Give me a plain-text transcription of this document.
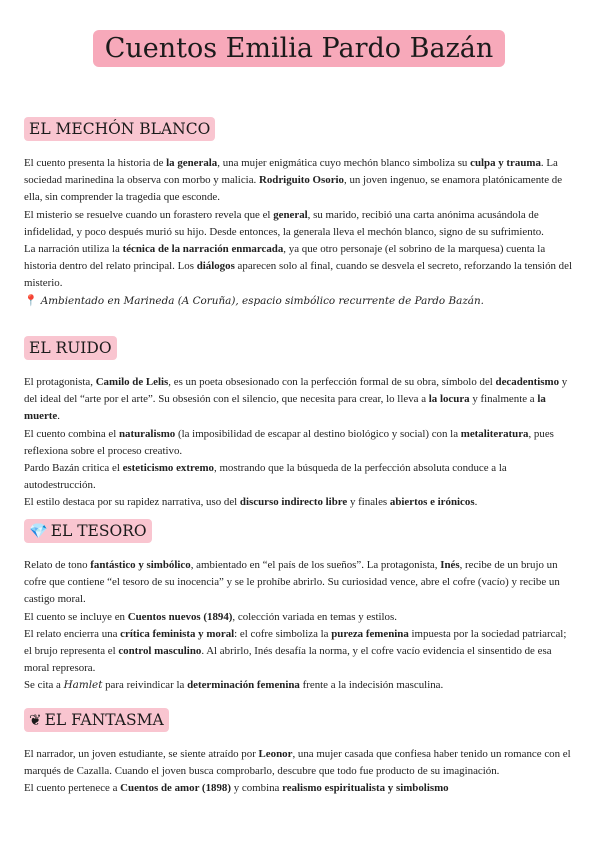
Cuentos Emilia Pardo Bazán
EL MECHÓN BLANCO

El cuento presenta la historia de la generala, una mujer enigmática cuyo mechón blanco simboliza su culpa y trauma. La sociedad marinedina la observa con morbo y malicia. Rodriguito Osorio, un joven ingenuo, se enamora platónicamente de ella, sin comprender la tragedia que esconde.

El misterio se resuelve cuando un forastero revela que el general, su marido, recibió una carta anónima acusándola de infidelidad, y poco después murió su hijo. Desde entonces, la generala lleva el mechón blanco, signo de su sufrimiento.

La narración utiliza la técnica de la narración enmarcada, ya que otro personaje (el sobrino de la marquesa) cuenta la historia dentro del relato principal. Los diálogos aparecen solo al final, cuando se desvela el secreto, reforzando la tensión del misterio.

📍 Ambientado en Marineda (A Coruña), espacio simbólico recurrente de Pardo Bazán.

EL RUIDO

El protagonista, Camilo de Lelis, es un poeta obsesionado con la perfección formal de su obra, símbolo del decadentismo y del ideal del “arte por el arte”. Su obsesión con el silencio, que necesita para crear, lo lleva a la locura y finalmente a la muerte.

El cuento combina el naturalismo (la imposibilidad de escapar al destino biológico y social) con la metaliteratura, pues reflexiona sobre el proceso creativo.

Pardo Bazán critica el esteticismo extremo, mostrando que la búsqueda de la perfección absoluta conduce a la autodestrucción.

El estilo destaca por su rapidez narrativa, uso del discurso indirecto libre y finales abiertos e irónicos.

💎 EL TESORO

Relato de tono fantástico y simbólico, ambientado en “el país de los sueños”. La protagonista, Inés, recibe de un brujo un cofre que contiene “el tesoro de su inocencia” y se le prohíbe abrirlo. Su curiosidad vence, abre el cofre (vacío) y recibe un castigo moral.

El cuento se incluye en Cuentos nuevos (1894), colección variada en temas y estilos.

El relato encierra una crítica feminista y moral: el cofre simboliza la pureza femenina impuesta por la sociedad patriarcal; el brujo representa el control masculino. Al abrirlo, Inés desafía la norma, y el cofre vacío evidencia el sinsentido de esa moral represora.

Se cita a Hamlet para reivindicar la determinación femenina frente a la indecisión masculina.

❦ EL FANTASMA

El narrador, un joven estudiante, se siente atraído por Leonor, una mujer casada que confiesa haber tenido un romance con el marqués de Cazalla. Cuando el joven busca comprobarlo, descubre que todo fue producto de su imaginación.

El cuento pertenece a Cuentos de amor (1898) y combina realismo espiritualista y simbolismo
